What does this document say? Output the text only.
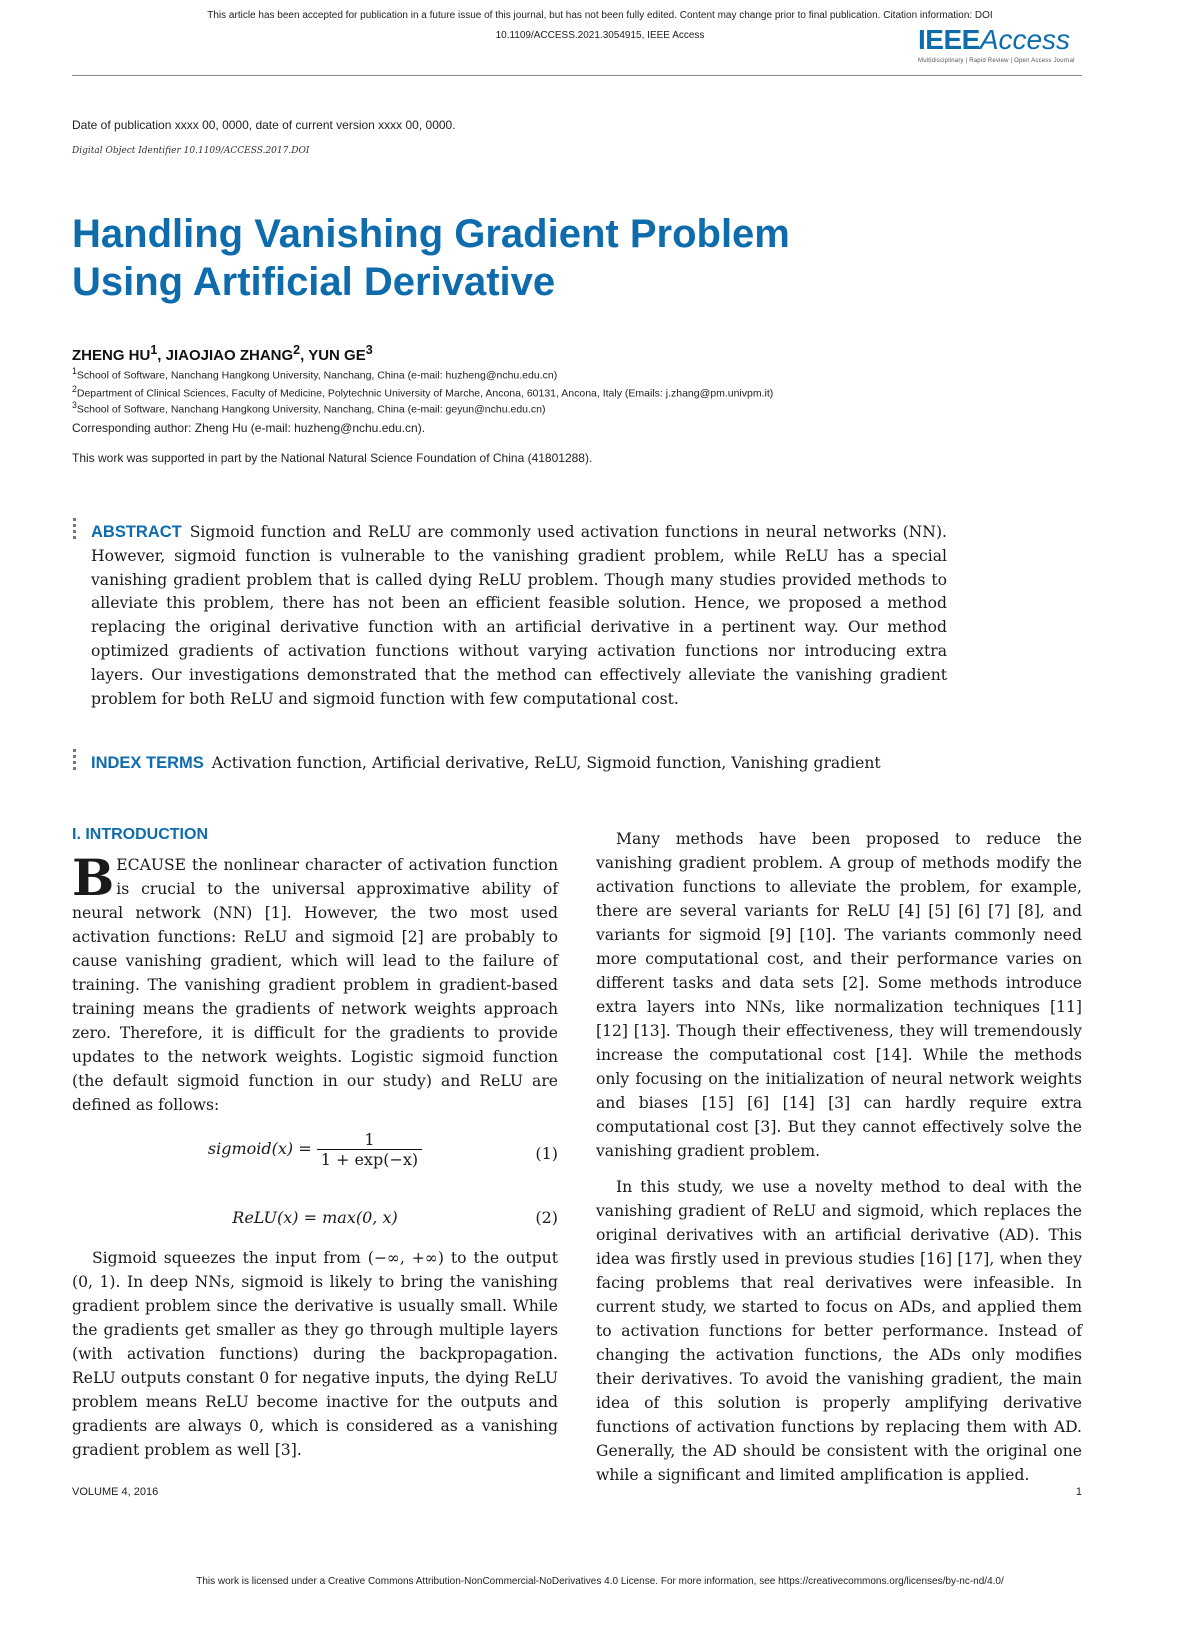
This article has been accepted for publication in a future issue of this journal, but has not been fully edited. Content may change prior to final publication. Citation information: DOI
10.1109/ACCESS.2021.3054915, IEEE Access	IEEEAccess
Multidisciplinary | Rapid Review | Open Access Journal
Date of publication xxxx 00, 0000, date of current version xxxx 00, 0000.
Digital Object Identifier 10.1109/ACCESS.2017.DOI
Handling Vanishing Gradient Problem
Using Artificial Derivative
ZHENG $HU^1$, JIAOJIAO ZHANG$^2$, YUN $GE^3$
$^1$School of Software, Nanchang Hangkong University, Nanchang, China (e-mail: huzheng@nchu.edu.cn)
$^2$Department of Clinical Sciences, Faculty of Medicine, Polytechnic University of Marche, Ancona, 60131, Ancona, Italy (Emails: j.zhang@pm.univpm.it)
$^3$School of Software, Nanchang Hangkong University, Nanchang, China (e-mail: geyun@nchu.edu.cn)
Corresponding author: Zheng Hu (e-mail: huzheng@nchu.edu.cn).
This work was supported in part by the National Natural Science Foundation of China (41801288).
ABSTRACT Sigmoid function and ReLU are commonly used activation functions in neural networks (NN). However, sigmoid function is vulnerable to the vanishing gradient problem, while ReLU has a special vanishing gradient problem that is called dying ReLU problem. Though many studies provided methods to alleviate this problem, there has not been an efficient feasible solution. Hence, we proposed a method replacing the original derivative function with an artificial derivative in a pertinent way. Our method optimized gradients of activation functions without varying activation functions nor introducing extra layers. Our investigations demonstrated that the method can effectively alleviate the vanishing gradient problem for both ReLU and sigmoid function with few computational cost.
INDEX TERMS Activation function, Artificial derivative, ReLU, Sigmoid function, Vanishing gradient
I. INTRODUCTION

BECAUSE the nonlinear character of activation function is crucial to the universal approximative ability of neural network (NN) [1]. However, the two most used activation functions: ReLU and sigmoid [2] are probably to cause vanishing gradient, which will lead to the failure of training. The vanishing gradient problem in gradient-based training means the gradients of network weights approach zero. Therefore, it is difficult for the gradients to provide updates to the network weights. Logistic sigmoid function (the default sigmoid function in our study) and ReLU are defined as follows:

sigmoid(x) = $\frac{1}{1 + \exp(-x)}$	(1)
ReLU(x) = max(0, x)	(2)

Sigmoid squeezes the input from (−∞, +∞) to the output (0, 1). In deep NNs, sigmoid is likely to bring the vanishing gradient problem since the derivative is usually small. While the gradients get smaller as they go through multiple layers (with activation functions) during the backpropagation. ReLU outputs constant 0 for negative inputs, the dying ReLU problem means ReLU become inactive for the outputs and gradients are always 0, which is considered as a vanishing gradient problem as well [3].

Many methods have been proposed to reduce the vanishing gradient problem. A group of methods modify the activation functions to alleviate the problem, for example, there are several variants for ReLU [4] [5] [6] [7] [8], and variants for sigmoid [9] [10]. The variants commonly need more computational cost, and their performance varies on different tasks and data sets [2]. Some methods introduce extra layers into NNs, like normalization techniques [11] [12] [13]. Though their effectiveness, they will tremendously increase the computational cost [14]. While the methods only focusing on the initialization of neural network weights and biases [15] [6] [14] [3] can hardly require extra computational cost [3]. But they cannot effectively solve the vanishing gradient problem.

In this study, we use a novelty method to deal with the vanishing gradient of ReLU and sigmoid, which replaces the original derivatives with an artificial derivative (AD). This idea was firstly used in previous studies [16] [17], when they facing problems that real derivatives were infeasible. In current study, we started to focus on ADs, and applied them to activation functions for better performance. Instead of changing the activation functions, the ADs only modifies their derivatives. To avoid the vanishing gradient, the main idea of this solution is properly amplifying derivative functions of activation functions by replacing them with AD. Generally, the AD should be consistent with the original one while a significant and limited amplification is applied.

VOLUME 4, 2016	1
This work is licensed under a Creative Commons Attribution-NonCommercial-NoDerivatives 4.0 License. For more information, see https://creativecommons.org/licenses/by-nc-nd/4.0/
